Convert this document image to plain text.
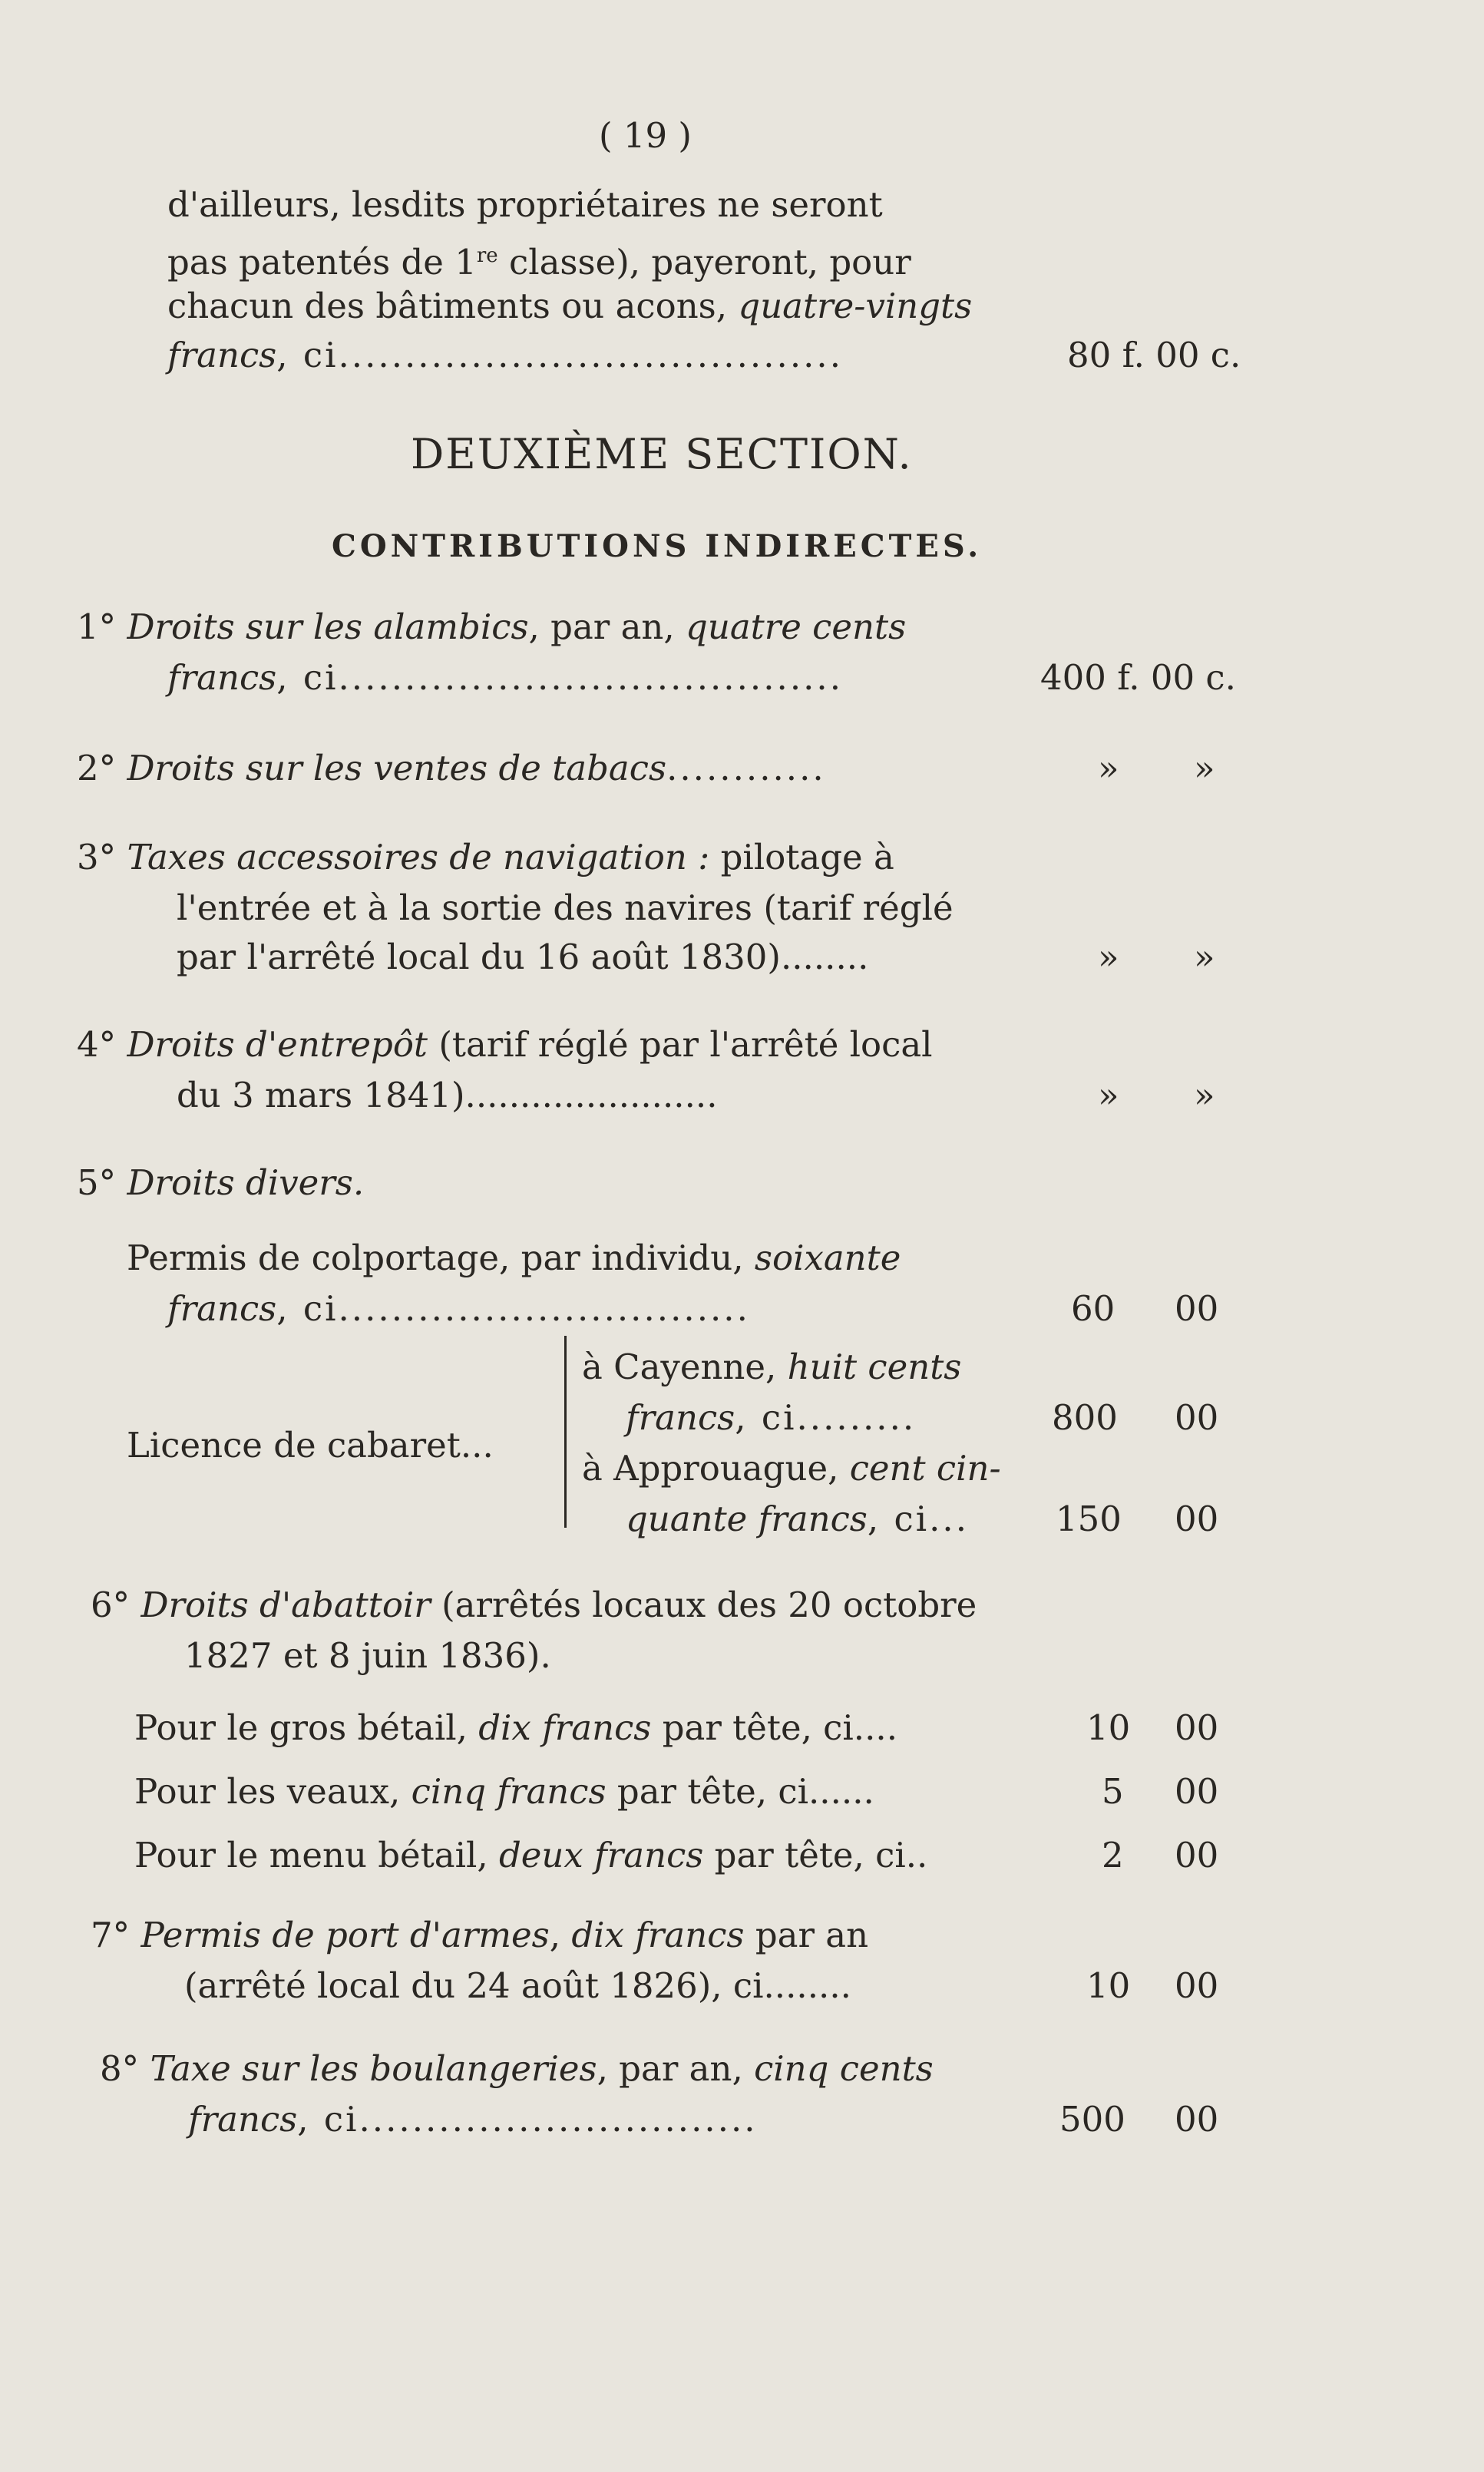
( 19 )
d'ailleurs, lesdits propriétaires ne seront
pas patentés de 1re classe), payeront, pour
chacun des bâtiments ou acons, quatre-vingts
francs, ci......................................	80 f. 00 c.
DEUXIÈME SECTION.
CONTRIBUTIONS INDIRECTES.
1° Droits sur les alambics, par an, quatre cents
francs, ci......................................	400 f. 00 c.
2° Droits sur les ventes de tabacs............	» »
3° Taxes accessoires de navigation : pilotage à
l'entrée et à la sortie des navires (tarif réglé
par l'arrêté local du 16 août 1830)........	» »
4° Droits d'entrepôt (tarif réglé par l'arrêté local
du 3 mars 1841).......................	» »
5° Droits divers.
Permis de colportage, par individu, soixante
francs, ci...............................	60 00
Licence de cabaret...
à Cayenne, huit cents
francs, ci.........	800 00
à Approuague, cent cin-
quante francs, ci...	150 00
6° Droits d'abattoir (arrêtés locaux des 20 octobre
1827 et 8 juin 1836).
Pour le gros bétail, dix francs par tête, ci....	10 00
Pour les veaux, cinq francs par tête, ci......	5 00
Pour le menu bétail, deux francs par tête, ci..	2 00
7° Permis de port d'armes, dix francs par an
(arrêté local du 24 août 1826), ci........	10 00
8° Taxe sur les boulangeries, par an, cinq cents
francs, ci..............................	500 00
